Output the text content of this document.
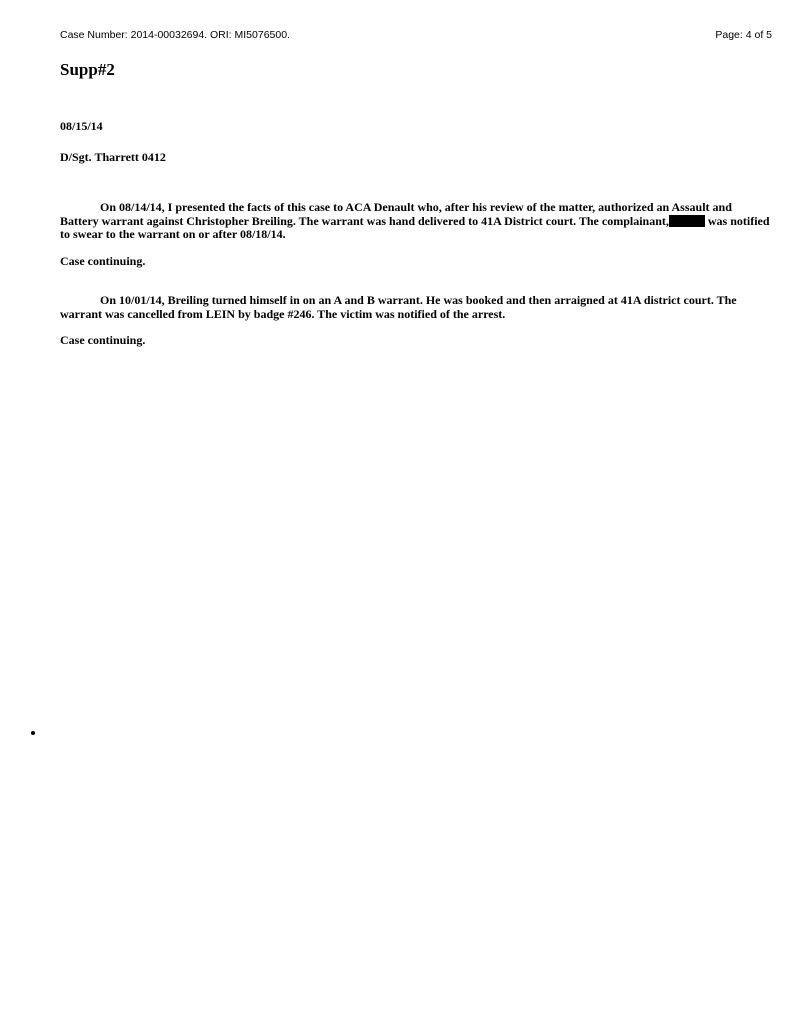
Case Number: 2014-00032694. ORI: MI5076500.	Page: 4 of 5
Supp#2
08/15/14
D/Sgt. Tharrett 0412

On 08/14/14, I presented the facts of this case to ACA Denault who, after his review of the matter, authorized an Assault and Battery warrant against Christopher Breiling. The warrant was hand delivered to 41A District court. The complainant,	was notified to swear to the warrant on or after 08/18/14.

Case continuing.

On 10/01/14, Breiling turned himself in on an A and B warrant. He was booked and then arraigned at 41A district court. The warrant was cancelled from LEIN by badge #246. The victim was notified of the arrest.

Case continuing.
